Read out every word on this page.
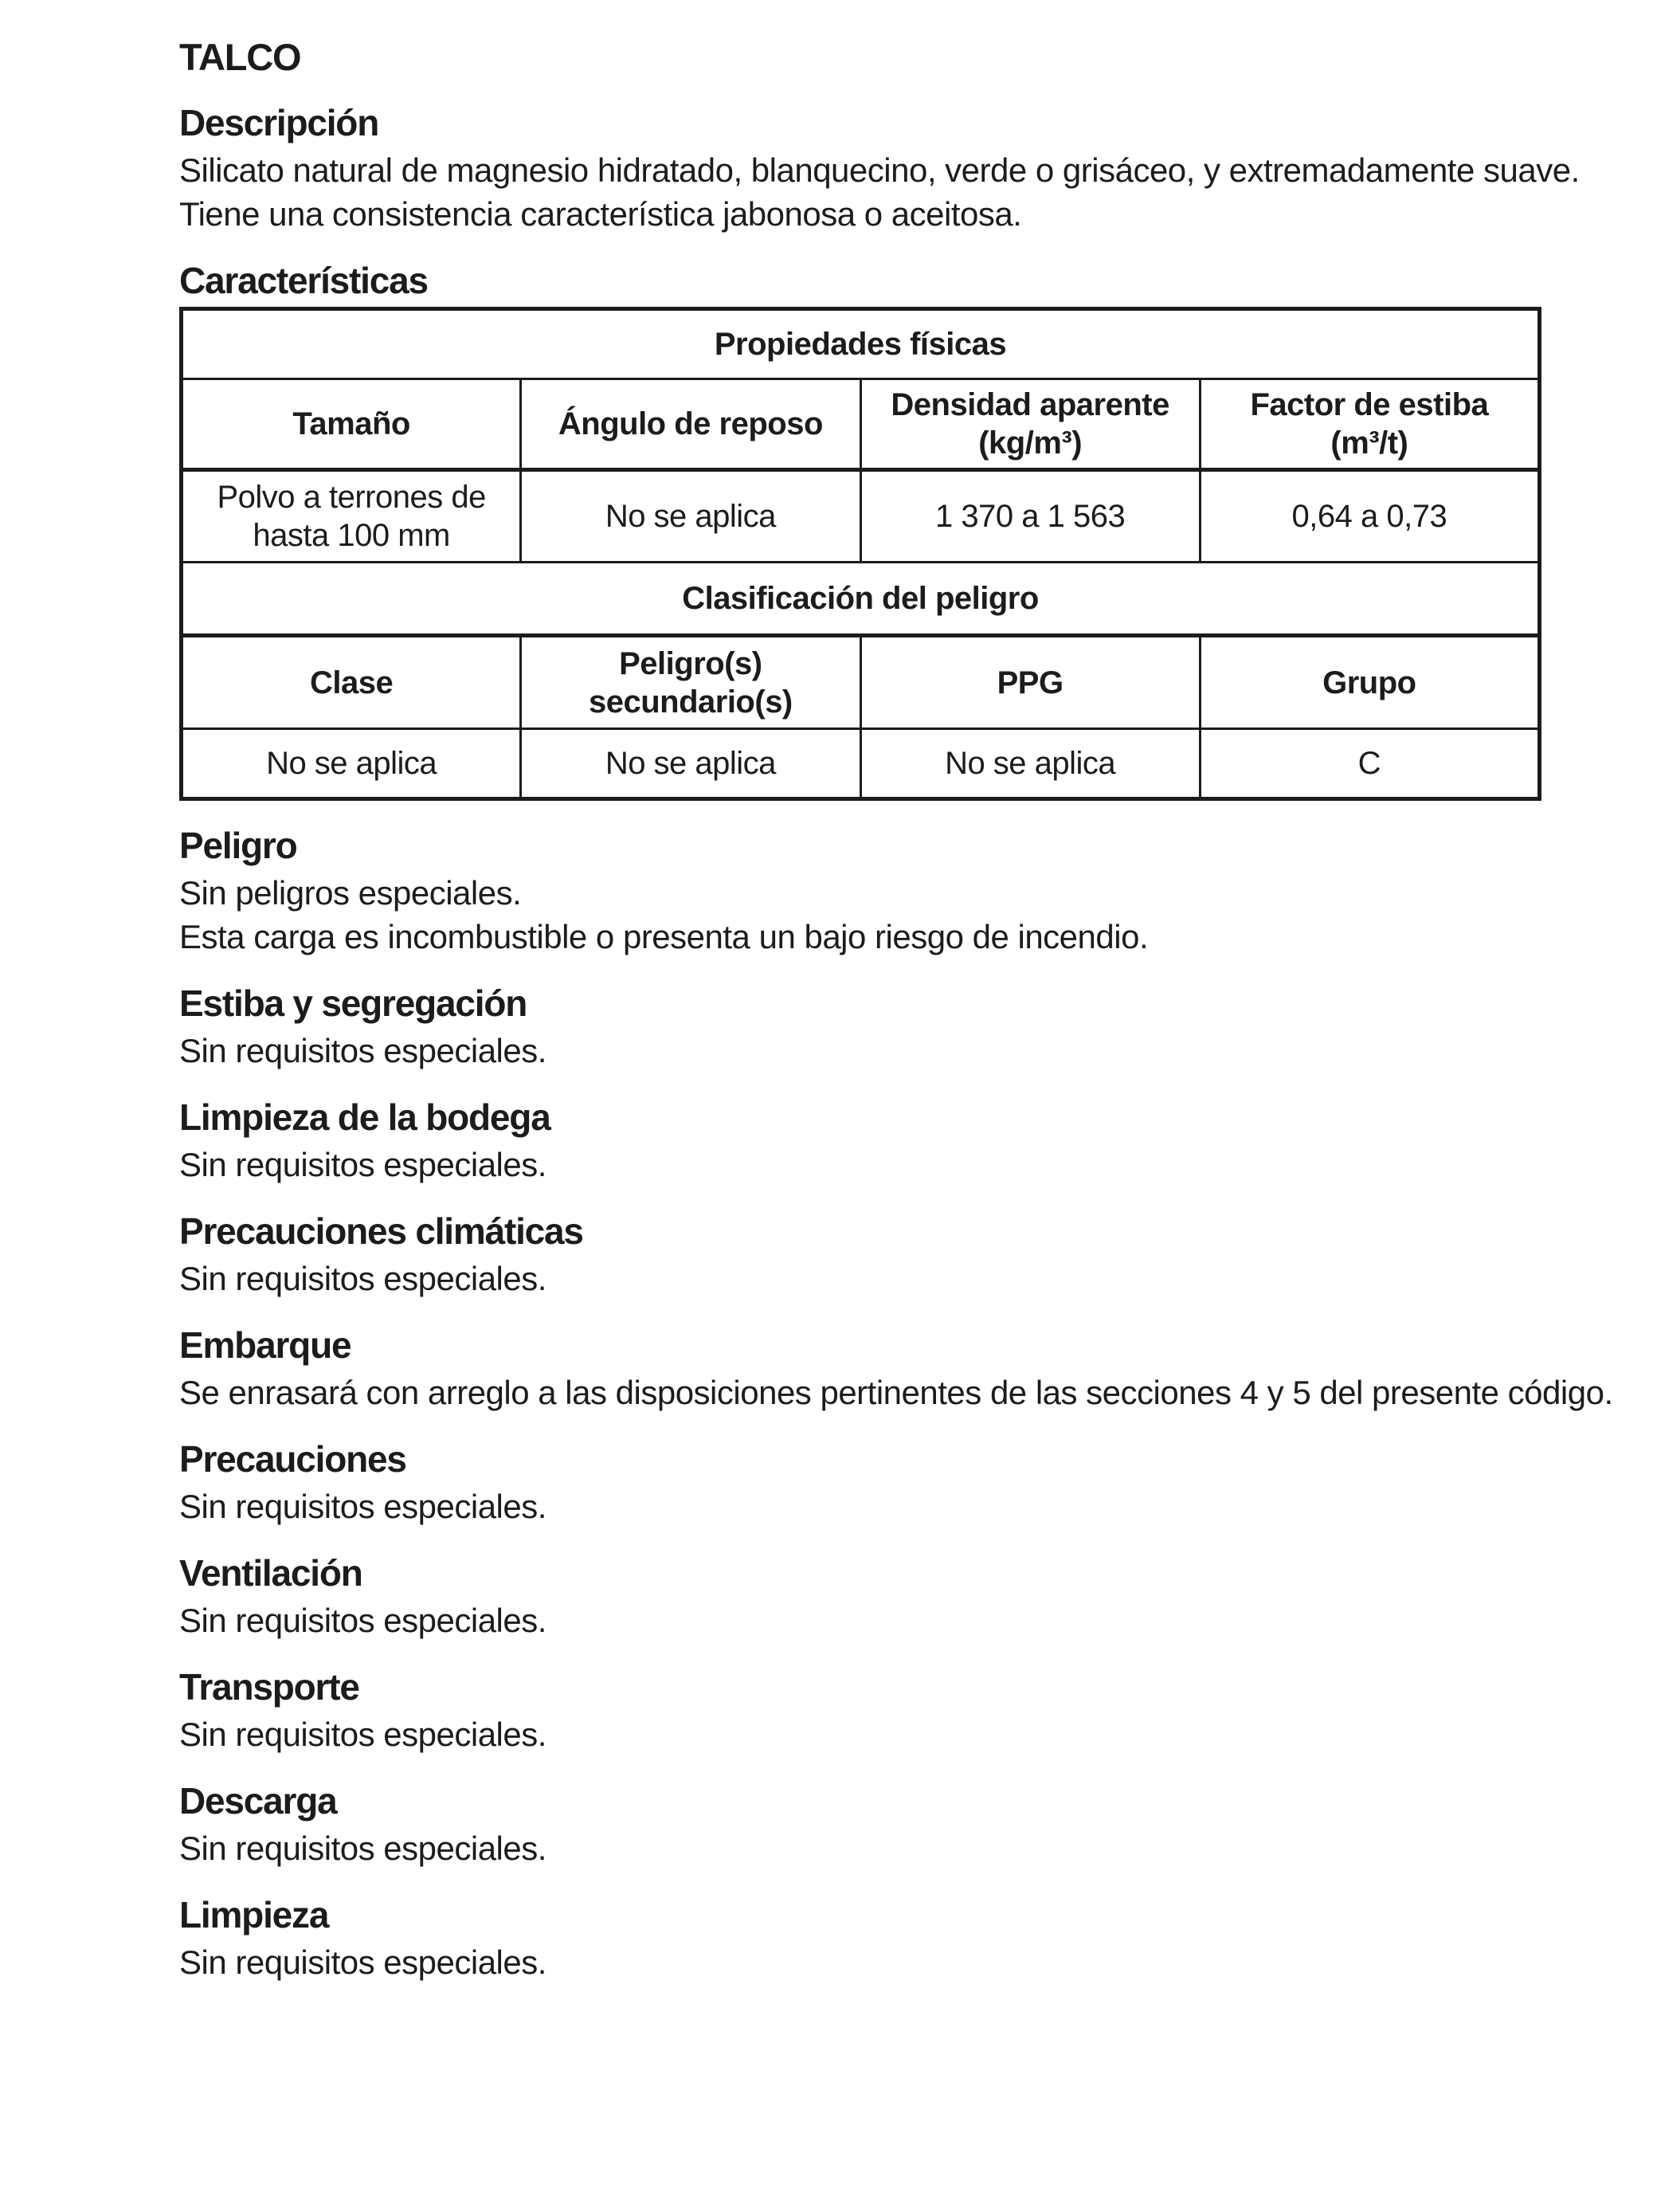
TALCO
Descripción

Silicato natural de magnesio hidratado, blanquecino, verde o grisáceo, y extremadamente suave.

Tiene una consistencia característica jabonosa o aceitosa.

Características
Propiedades físicas			
Tamaño	Ángulo de reposo	Densidad aparente (kg/m³)	Factor de estiba (m³/t)
Polvo a terrones de hasta 100 mm	No se aplica	1 370 a 1 563	0,64 a 0,73
Clasificación del peligro			
Clase	Peligro(s) secundario(s)	PPG	Grupo
No se aplica	No se aplica	No se aplica	C
Peligro

Sin peligros especiales.

Esta carga es incombustible o presenta un bajo riesgo de incendio.

Estiba y segregación

Sin requisitos especiales.

Limpieza de la bodega

Sin requisitos especiales.

Precauciones climáticas

Sin requisitos especiales.

Embarque

Se enrasará con arreglo a las disposiciones pertinentes de las secciones 4 y 5 del presente código.

Precauciones

Sin requisitos especiales.

Ventilación

Sin requisitos especiales.

Transporte

Sin requisitos especiales.

Descarga

Sin requisitos especiales.

Limpieza

Sin requisitos especiales.
